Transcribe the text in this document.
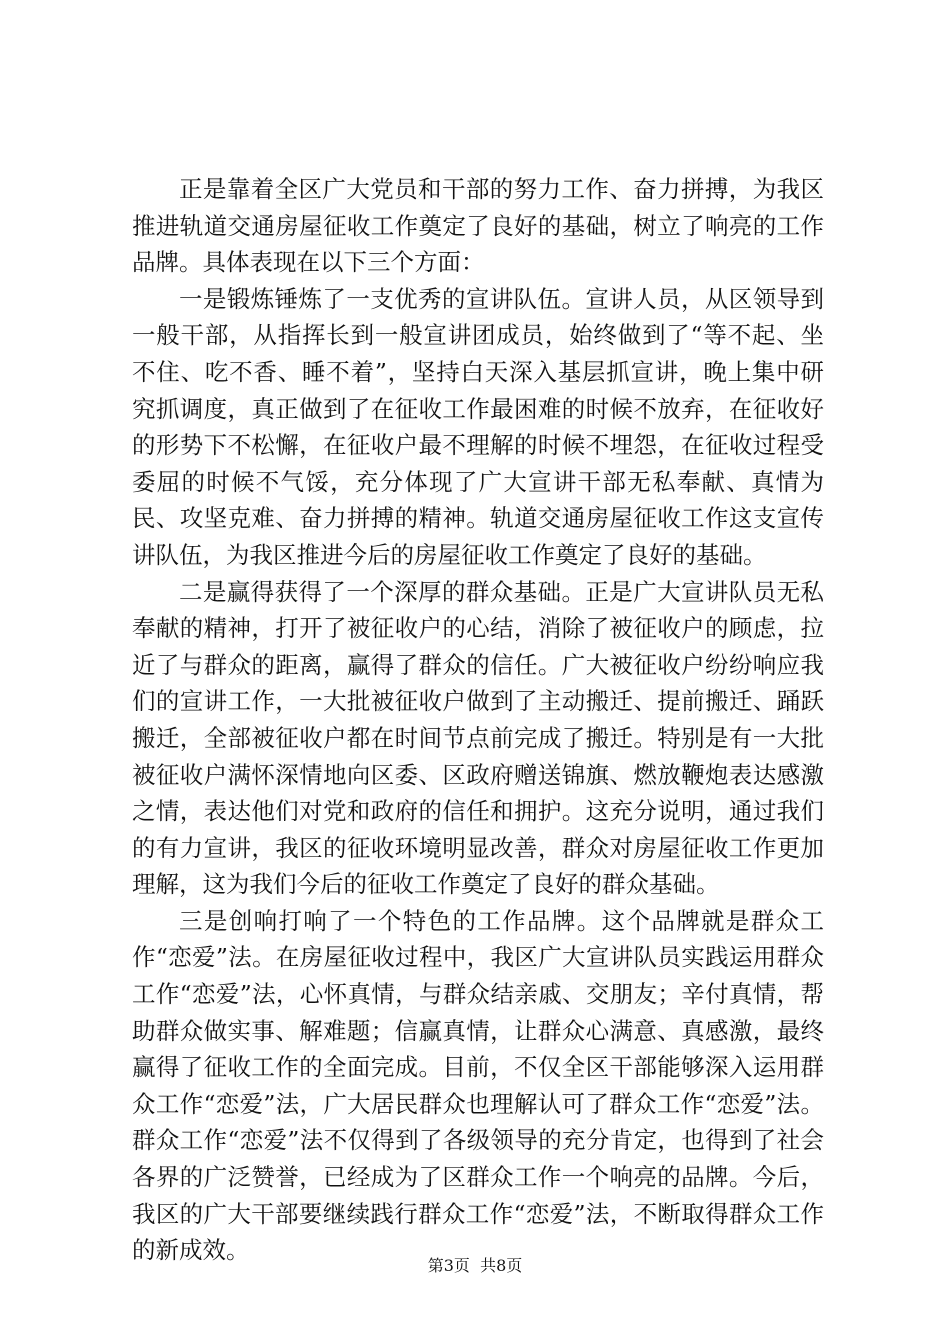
正是靠着全区广大党员和干部的努力工作、奋力拼搏，为我区推进轨道交通房屋征收工作奠定了良好的基础，树立了响亮的工作品牌。具体表现在以下三个方面：

一是锻炼锤炼了一支优秀的宣讲队伍。宣讲人员，从区领导到一般干部，从指挥长到一般宣讲团成员，始终做到了“等不起、坐不住、吃不香、睡不着”，坚持白天深入基层抓宣讲，晚上集中研究抓调度，真正做到了在征收工作最困难的时候不放弃，在征收好的形势下不松懈，在征收户最不理解的时候不埋怨，在征收过程受委屈的时候不气馁，充分体现了广大宣讲干部无私奉献、真情为民、攻坚克难、奋力拼搏的精神。轨道交通房屋征收工作这支宣传讲队伍，为我区推进今后的房屋征收工作奠定了良好的基础。

二是赢得获得了一个深厚的群众基础。正是广大宣讲队员无私奉献的精神，打开了被征收户的心结，消除了被征收户的顾虑，拉近了与群众的距离，赢得了群众的信任。广大被征收户纷纷响应我们的宣讲工作，一大批被征收户做到了主动搬迁、提前搬迁、踊跃搬迁，全部被征收户都在时间节点前完成了搬迁。特别是有一大批被征收户满怀深情地向区委、区政府赠送锦旗、燃放鞭炮表达感激之情，表达他们对党和政府的信任和拥护。这充分说明，通过我们的有力宣讲，我区的征收环境明显改善，群众对房屋征收工作更加理解，这为我们今后的征收工作奠定了良好的群众基础。

三是创响打响了一个特色的工作品牌。这个品牌就是群众工作“恋爱”法。在房屋征收过程中，我区广大宣讲队员实践运用群众工作“恋爱”法，心怀真情，与群众结亲戚、交朋友；辛付真情，帮助群众做实事、解难题；信赢真情，让群众心满意、真感激，最终赢得了征收工作的全面完成。目前，不仅全区干部能够深入运用群众工作“恋爱”法，广大居民群众也理解认可了群众工作“恋爱”法。群众工作“恋爱”法不仅得到了各级领导的充分肯定，也得到了社会各界的广泛赞誉，已经成为了区群众工作一个响亮的品牌。今后，我区的广大干部要继续践行群众工作“恋爱”法，不断取得群众工作的新成效。

第3页  共8页
